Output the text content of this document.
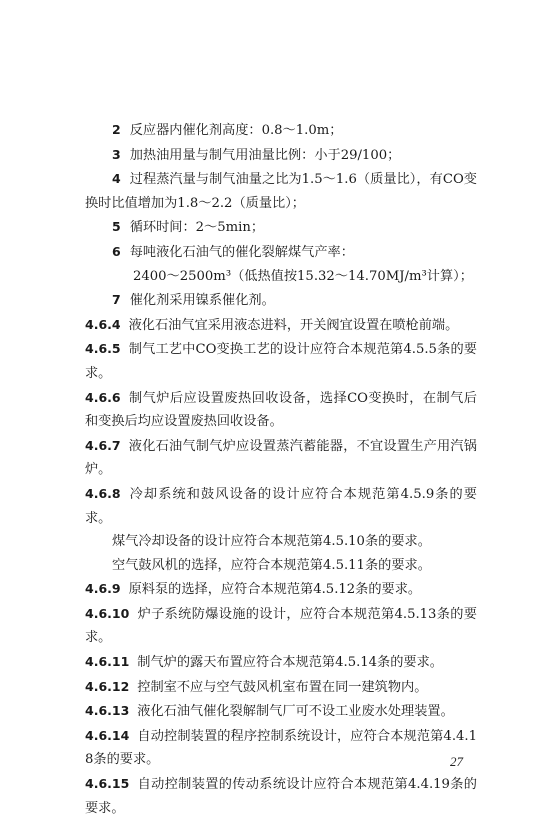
2 反应器内催化剂高度：0.8～1.0m；

3 加热油用量与制气用油量比例：小于29/100；

4 过程蒸汽量与制气油量之比为1.5～1.6（质量比），有CO变换时比值增加为1.8～2.2（质量比）；

5 循环时间：2～5min；

6 每吨液化石油气的催化裂解煤气产率：

2400～2500m³（低热值按15.32～14.70MJ/m³计算）；

7 催化剂采用镍系催化剂。

4.6.4 液化石油气宜采用液态进料，开关阀宜设置在喷枪前端。

4.6.5 制气工艺中CO变换工艺的设计应符合本规范第4.5.5条的要求。

4.6.6 制气炉后应设置废热回收设备，选择CO变换时，在制气后和变换后均应设置废热回收设备。

4.6.7 液化石油气制气炉应设置蒸汽蓄能器，不宜设置生产用汽锅炉。

4.6.8 冷却系统和鼓风设备的设计应符合本规范第4.5.9条的要求。

煤气冷却设备的设计应符合本规范第4.5.10条的要求。

空气鼓风机的选择，应符合本规范第4.5.11条的要求。

4.6.9 原料泵的选择，应符合本规范第4.5.12条的要求。

4.6.10 炉子系统防爆设施的设计，应符合本规范第4.5.13条的要求。

4.6.11 制气炉的露天布置应符合本规范第4.5.14条的要求。

4.6.12 控制室不应与空气鼓风机室布置在同一建筑物内。

4.6.13 液化石油气催化裂解制气厂可不设工业废水处理装置。

4.6.14 自动控制装置的程序控制系统设计，应符合本规范第4.4.18条的要求。

4.6.15 自动控制装置的传动系统设计应符合本规范第4.4.19条的要求。

27
